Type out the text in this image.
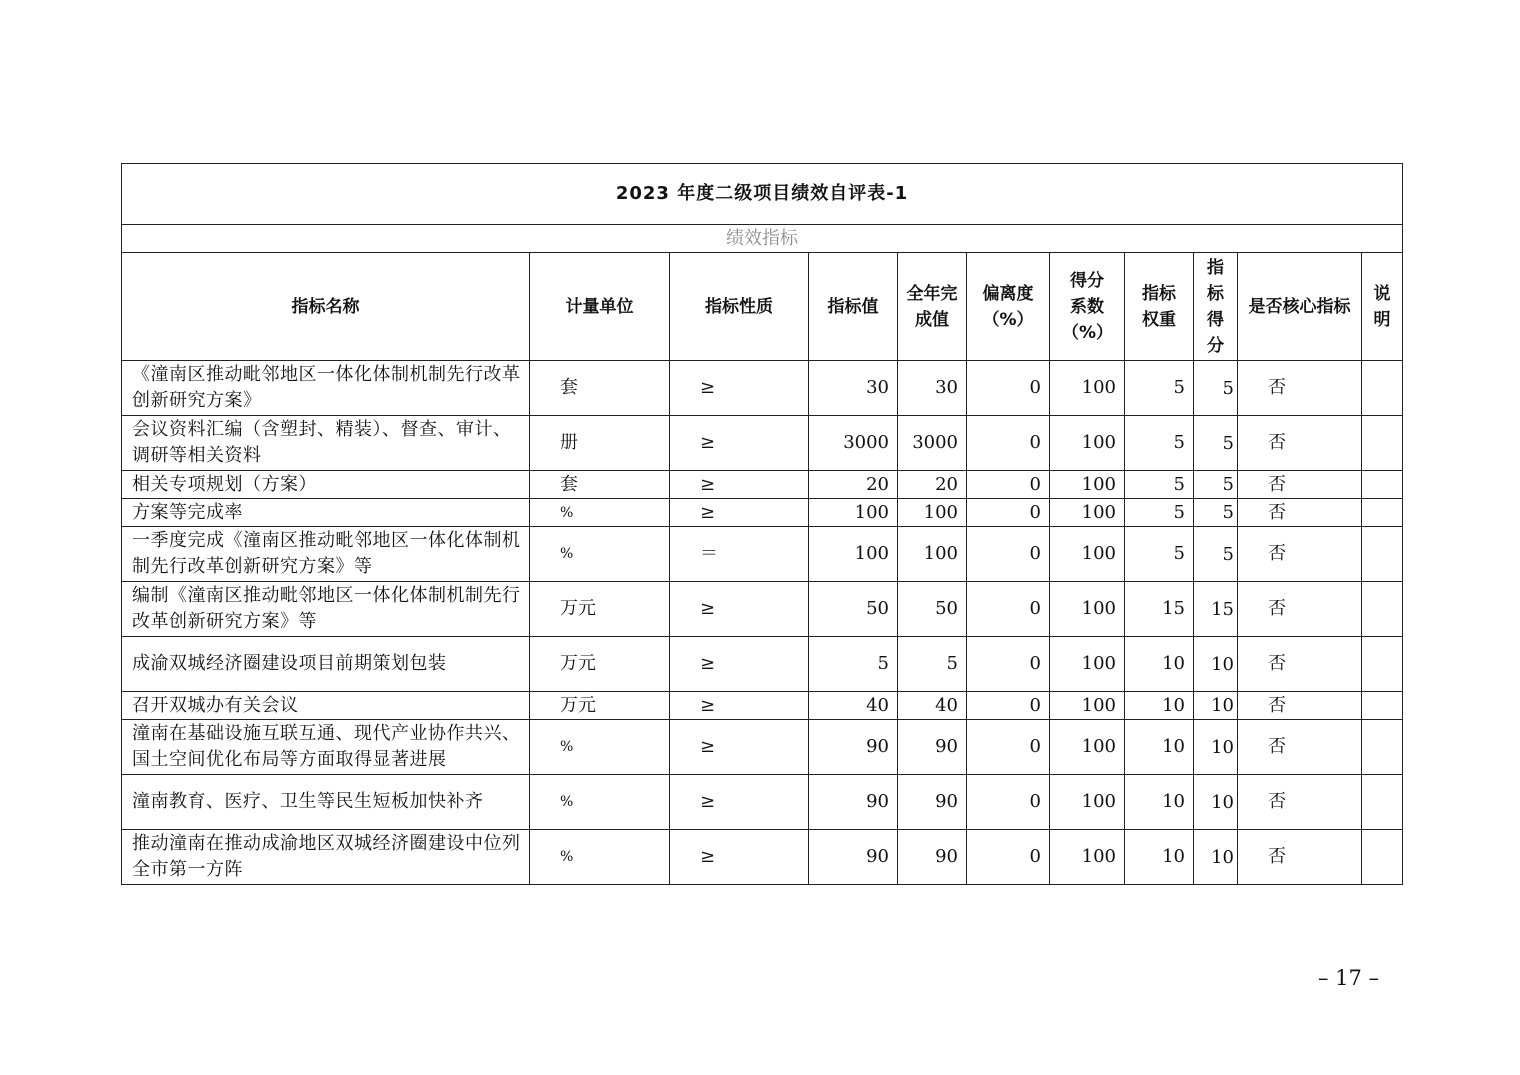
2023 年度二级项目绩效自评表-1										
绩效指标										
指标名称	计量单位	指标性质	指标值	全年完成值	偏离度（%）	得分系数（%）	指标权重	指标得分	是否核心指标	说明
《潼南区推动毗邻地区一体化体制机制先行改革创新研究方案》	套	≥	30	30	0	100	5	5	否	
会议资料汇编（含塑封、精装）、督查、审计、调研等相关资料	册	≥	3000	3000	0	100	5	5	否	
相关专项规划（方案）	套	≥	20	20	0	100	5	5	否	
方案等完成率	%	≥	100	100	0	100	5	5	否	
一季度完成《潼南区推动毗邻地区一体化体制机制先行改革创新研究方案》等	%	＝	100	100	0	100	5	5	否	
编制《潼南区推动毗邻地区一体化体制机制先行改革创新研究方案》等	万元	≥	50	50	0	100	15	15	否	
成渝双城经济圈建设项目前期策划包装	万元	≥	5	5	0	100	10	10	否	
召开双城办有关会议	万元	≥	40	40	0	100	10	10	否	
潼南在基础设施互联互通、现代产业协作共兴、国土空间优化布局等方面取得显著进展	%	≥	90	90	0	100	10	10	否	
潼南教育、医疗、卫生等民生短板加快补齐	%	≥	90	90	0	100	10	10	否	
推动潼南在推动成渝地区双城经济圈建设中位列全市第一方阵	%	≥	90	90	0	100	10	10	否	
– 17 –
